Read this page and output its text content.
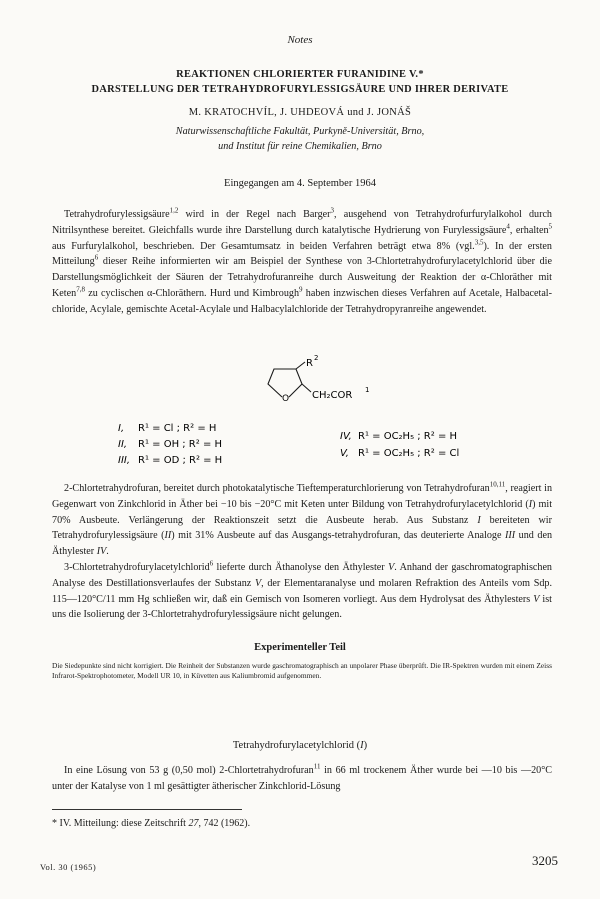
Notes
REAKTIONEN CHLORIERTER FURANIDINE V.*
DARSTELLUNG DER TETRAHYDROFURYLESSIGSÄURE UND IHRER DERIVATE
M. KRATOCHVÍL, J. UHDEOVÁ und J. JONÁŠ
Naturwissenschaftliche Fakultät, Purkyně-Universität, Brno,
und Institut für reine Chemikalien, Brno
Eingegangen am 4. September 1964

Tetrahydrofurylessigsäure$^{1,2}$ wird in der Regel nach Barger$^3$, ausgehend von Tetrahydrofurfurylalkohol durch Nitrilsynthese bereitet. Gleichfalls wurde ihre Darstellung durch katalytische Hydrierung von Furylessigsäure$^4$, erhalten$^5$ aus Furfurylalkohol, beschrieben. Der Gesamtumsatz in beiden Verfahren beträgt etwa 8% (vgl.$^{3,5}$). In der ersten Mitteilung$^6$ dieser Reihe informierten wir am Beispiel der Synthese von 3-Chlortetrahydrofurylacetylchlorid über die Darstellungsmöglichkeit der Säuren der Tetrahydrofuranreihe durch Ausweitung der Reaktion der α-Chloräther mit Keten$^{7,8}$ zu cyclischen α-Chloräthern. Hurd und Kimbrough$^9$ haben inzwischen dieses Verfahren auf Acetale, Halbacetal-chloride, Acylale, gemischte Acetal-Acylale und Halbacylalchloride der Tetrahydropyranreihe angewendet.

O
R 2
CH₂COR 1
I, R¹ = Cl ; R² = H
II, R¹ = OH ; R² = H
III, R¹ = OD ; R² = H
IV, R¹ = OC₂H₅ ; R² = H
V, R¹ = OC₂H₅ ; R² = Cl

2-Chlortetrahydrofuran, bereitet durch photokatalytische Tieftemperaturchlorierung von Tetrahydrofuran$^{10,11}$, reagiert in Gegenwart von Zinkchlorid in Äther bei −10 bis −20°C mit Keten unter Bildung von Tetrahydrofurylacetylchlorid (I) mit 70% Ausbeute. Verlängerung der Reaktionszeit setzt die Ausbeute herab. Aus Substanz I bereiteten wir Tetrahydrofurylessigsäure (II) mit 31% Ausbeute auf das Ausgangs-tetrahydrofuran, das deuterierte Analoge III und den Äthylester IV.

3-Chlortetrahydrofurylacetylchlorid$^6$ lieferte durch Äthanolyse den Äthylester V. Anhand der gaschromatographischen Analyse des Destillationsverlaufes der Substanz V, der Elementaranalyse und molaren Refraktion des Anteils vom Sdp. 115—120°C/11 mm Hg schließen wir, daß ein Gemisch von Isomeren vorliegt. Aus dem Hydrolysat des Äthylesters V ist uns die Isolierung der 3-Chlortetrahydrofurylessigsäure nicht gelungen.

Experimenteller Teil

Die Siedepunkte sind nicht korrigiert. Die Reinheit der Substanzen wurde gaschromatographisch an unpolarer Phase überprüft. Die IR-Spektren wurden mit einem Zeiss Infrarot-Spektrophotometer, Modell UR 10, in Küvetten aus Kaliumbromid aufgenommen.

Tetrahydrofurylacetylchlorid (I)

In eine Lösung von 53 g (0,50 mol) 2-Chlortetrahydrofuran$^{11}$ in 66 ml trockenem Äther wurde bei —10 bis —20°C unter der Katalyse von 1 ml gesättigter ätherischer Zinkchlorid-Lösung

* IV. Mitteilung: diese Zeitschrift 27, 742 (1962).
Vol. 30 (1965)	3205
